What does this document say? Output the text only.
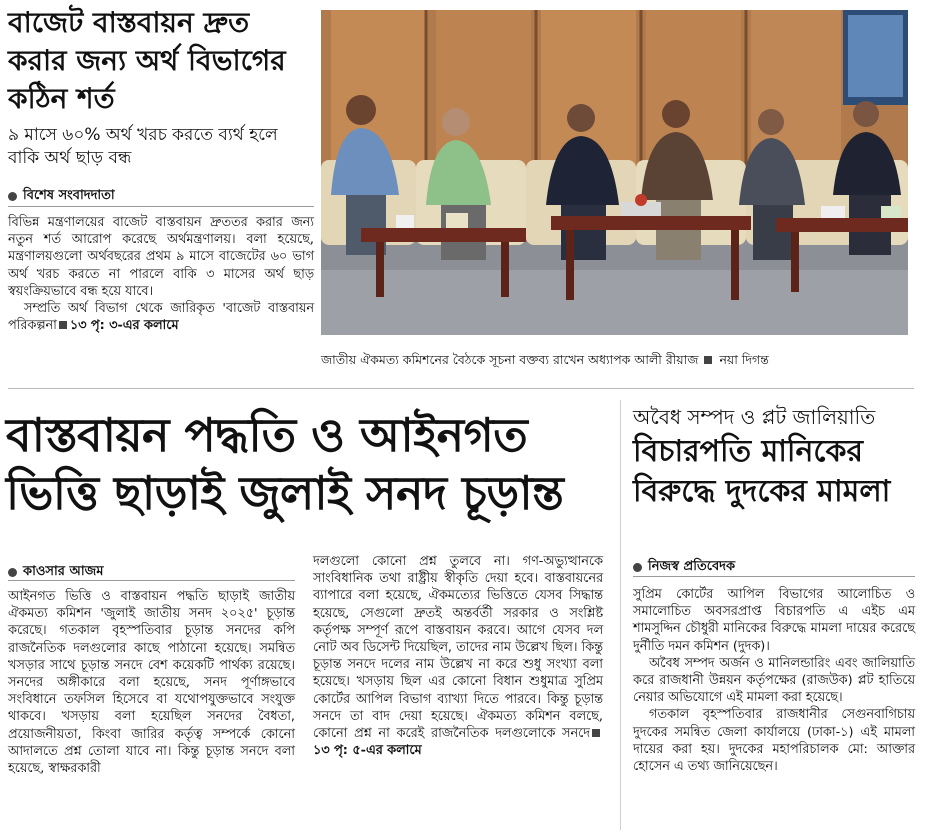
বাজেট বাস্তবায়ন দ্রুত করার জন্য অর্থ বিভাগের কঠিন শর্ত
৯ মাসে ৬০% অর্থ খরচ করতে ব্যর্থ হলে বাকি অর্থ ছাড় বন্ধ
বিশেষ সংবাদদাতা

বিভিন্ন মন্ত্রণালয়ের বাজেট বাস্তবায়ন দ্রুততর করার জন্য নতুন শর্ত আরোপ করেছে অর্থমন্ত্রণালয়। বলা হয়েছে, মন্ত্রণালয়গুলো অর্থবছরের প্রথম ৯ মাসে বাজেটের ৬০ ভাগ অর্থ খরচ করতে না পারলে বাকি ৩ মাসের অর্থ ছাড় স্বয়ংক্রিয়ভাবে বন্ধ হয়ে যাবে।

সম্প্রতি অর্থ বিভাগ থেকে জারিকৃত 'বাজেট বাস্তবায়ন পরিকল্পনা ১৩ পৃ: ৩-এর কলামে

জাতীয় ঐকমত্য কমিশনের বৈঠকে সূচনা বক্তব্য রাখেন অধ্যাপক আলী রীয়াজ নয়া দিগন্ত
বাস্তবায়ন পদ্ধতি ও আইনগত
ভিত্তি ছাড়াই জুলাই সনদ চূড়ান্ত
কাওসার আজম
আইনগত ভিত্তি ও বাস্তবায়ন পদ্ধতি ছাড়াই জাতীয় ঐকমত্য কমিশন 'জুলাই জাতীয় সনদ ২০২৫' চূড়ান্ত করেছে। গতকাল বৃহস্পতিবার চূড়ান্ত সনদের কপি রাজনৈতিক দলগুলোর কাছে পাঠানো হয়েছে। সমন্বিত খসড়ার সাথে চূড়ান্ত সনদে বেশ কয়েকটি পার্থক্য রয়েছে। সনদের অঙ্গীকারে বলা হয়েছে, সনদ পূর্ণাঙ্গভাবে সংবিধানে তফসিল হিসেবে বা যথোপযুক্তভাবে সংযুক্ত থাকবে। খসড়ায় বলা হয়েছিল সনদের বৈধতা, প্রয়োজনীয়তা, কিংবা জারির কর্তৃত্ব সম্পর্কে কোনো আদালতে প্রশ্ন তোলা যাবে না। কিন্তু চূড়ান্ত সনদে বলা হয়েছে, স্বাক্ষরকারী
দলগুলো কোনো প্রশ্ন তুলবে না। গণ-অভ্যুত্থানকে সাংবিধানিক তথা রাষ্ট্রীয় স্বীকৃতি দেয়া হবে। বাস্তবায়নের ব্যাপারে বলা হয়েছে, ঐকমত্যের ভিত্তিতে যেসব সিদ্ধান্ত হয়েছে, সেগুলো দ্রুতই অন্তর্বর্তী সরকার ও সংশ্লিষ্ট কর্তৃপক্ষ সম্পূর্ণ রূপে বাস্তবায়ন করবে। আগে যেসব দল নোট অব ডিসেন্ট দিয়েছিল, তাদের নাম উল্লেখ ছিল। কিন্তু চূড়ান্ত সনদে দলের নাম উল্লেখ না করে শুধু সংখ্যা বলা হয়েছে। খসড়ায় ছিল এর কোনো বিধান শুধুমাত্র সুপ্রিম কোর্টের আপিল বিভাগ ব্যাখ্যা দিতে পারবে। কিন্তু চূড়ান্ত সনদে তা বাদ দেয়া হয়েছে। ঐকমত্য কমিশন বলছে, কোনো প্রশ্ন না করেই রাজনৈতিক দলগুলোকে সনদে১৩ পৃ: ৫-এর কলামে
অবৈধ সম্পদ ও প্লট জালিয়াতি
বিচারপতি মানিকের বিরুদ্ধে দুদকের মামলা
নিজস্ব প্রতিবেদক

সুপ্রিম কোর্টের আপিল বিভাগের আলোচিত ও সমালোচিত অবসরপ্রাপ্ত বিচারপতি এ এইচ এম শামসুদ্দিন চৌধুরী মানিকের বিরুদ্ধে মামলা দায়ের করেছে দুর্নীতি দমন কমিশন (দুদক)।

অবৈধ সম্পদ অর্জন ও মানিলন্ডারিং এবং জালিয়াতি করে রাজধানী উন্নয়ন কর্তৃপক্ষের (রাজউক) প্লট হাতিয়ে নেয়ার অভিযোগে এই মামলা করা হয়েছে।

গতকাল বৃহস্পতিবার রাজধানীর সেগুনবাগিচায় দুদকের সমন্বিত জেলা কার্যালয়ে (ঢাকা-১) এই মামলা দায়ের করা হয়। দুদকের মহাপরিচালক মো: আক্তার হোসেন এ তথ্য জানিয়েছেন।
